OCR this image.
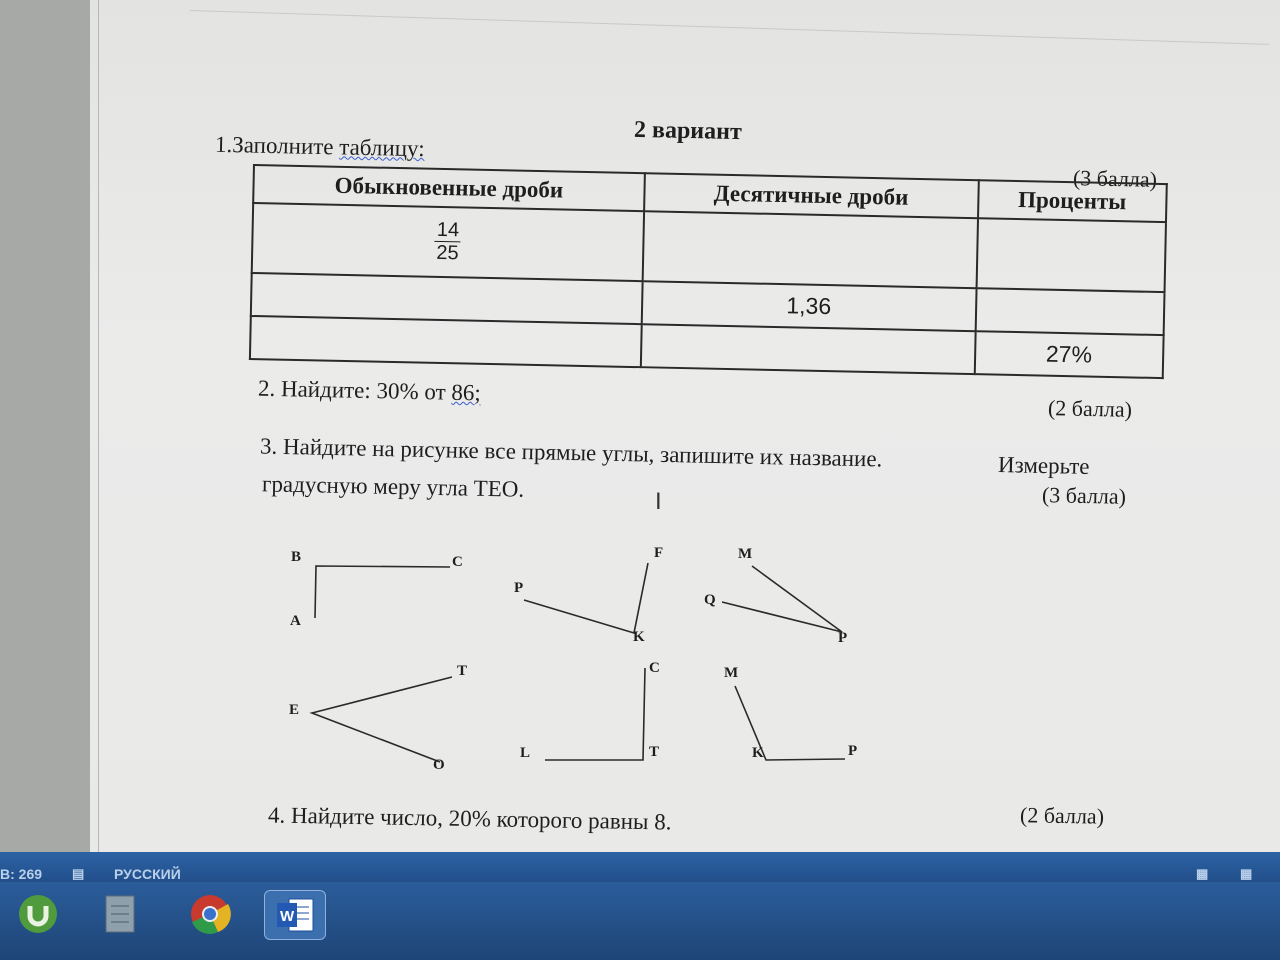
2 вариант
1.Заполните таблицу:
(3 балла)
Обыкновенные дроби	Десятичные дроби	Проценты

$\frac{14}{25}$

	1,36	
		27%
2. Найдите: 30% от 86;
(2 балла)
3. Найдите на рисунке все прямые углы, запишите их название.	Измерьте
градусную меру угла ТЕО.	(3 балла)
I
B	C
A
F
P
K
M
Q
P
T
E
O
C
L	T
M
K	P
4. Найдите число, 20% которого равны 8.	(2 балла)
В: 269 ▤ РУССКИЙ	▦ ▦
W
